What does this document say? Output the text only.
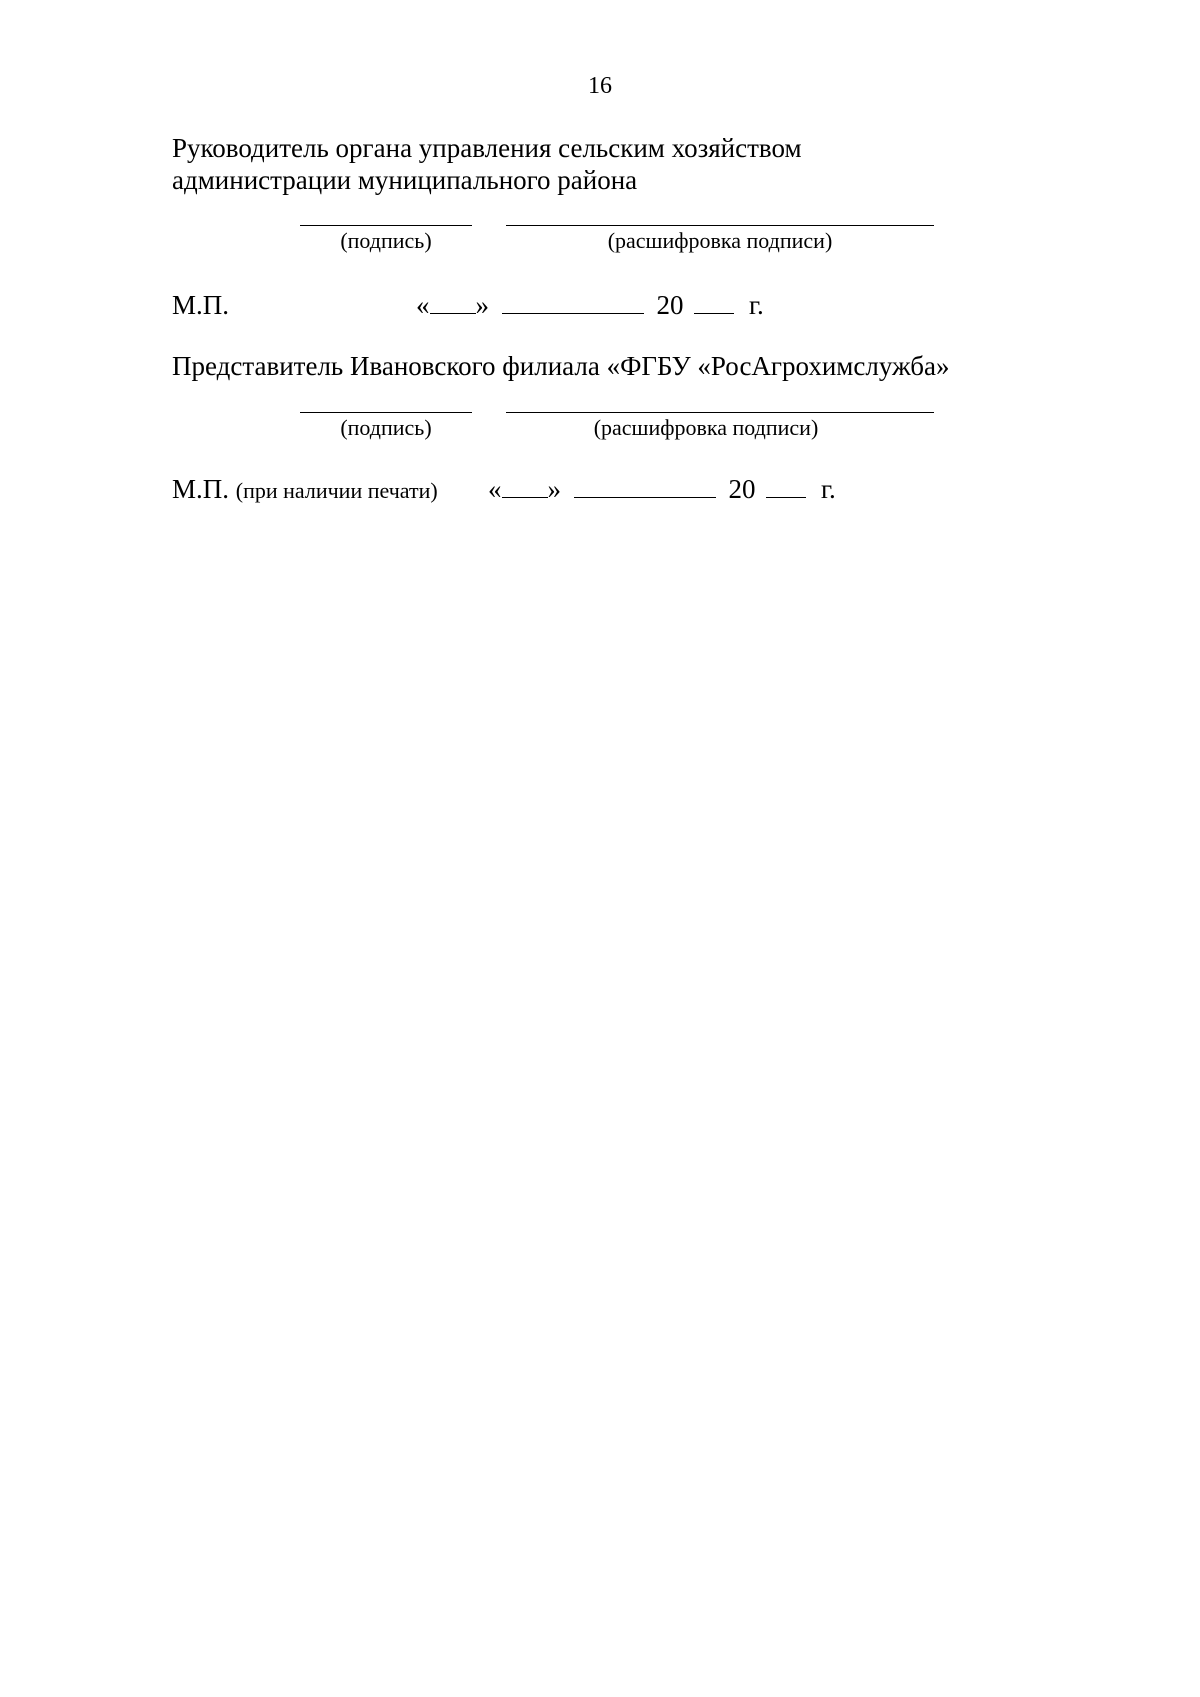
16
Руководитель органа управления сельским хозяйством
администрации муниципального района
(подпись)	(расшифровка подписи)
М.П.	« »	20 г.
Представитель Ивановского филиала «ФГБУ «РосАгрохимслужба»
(подпись)	(расшифровка подписи)
М.П. (при наличии печати) « »	20 г.
